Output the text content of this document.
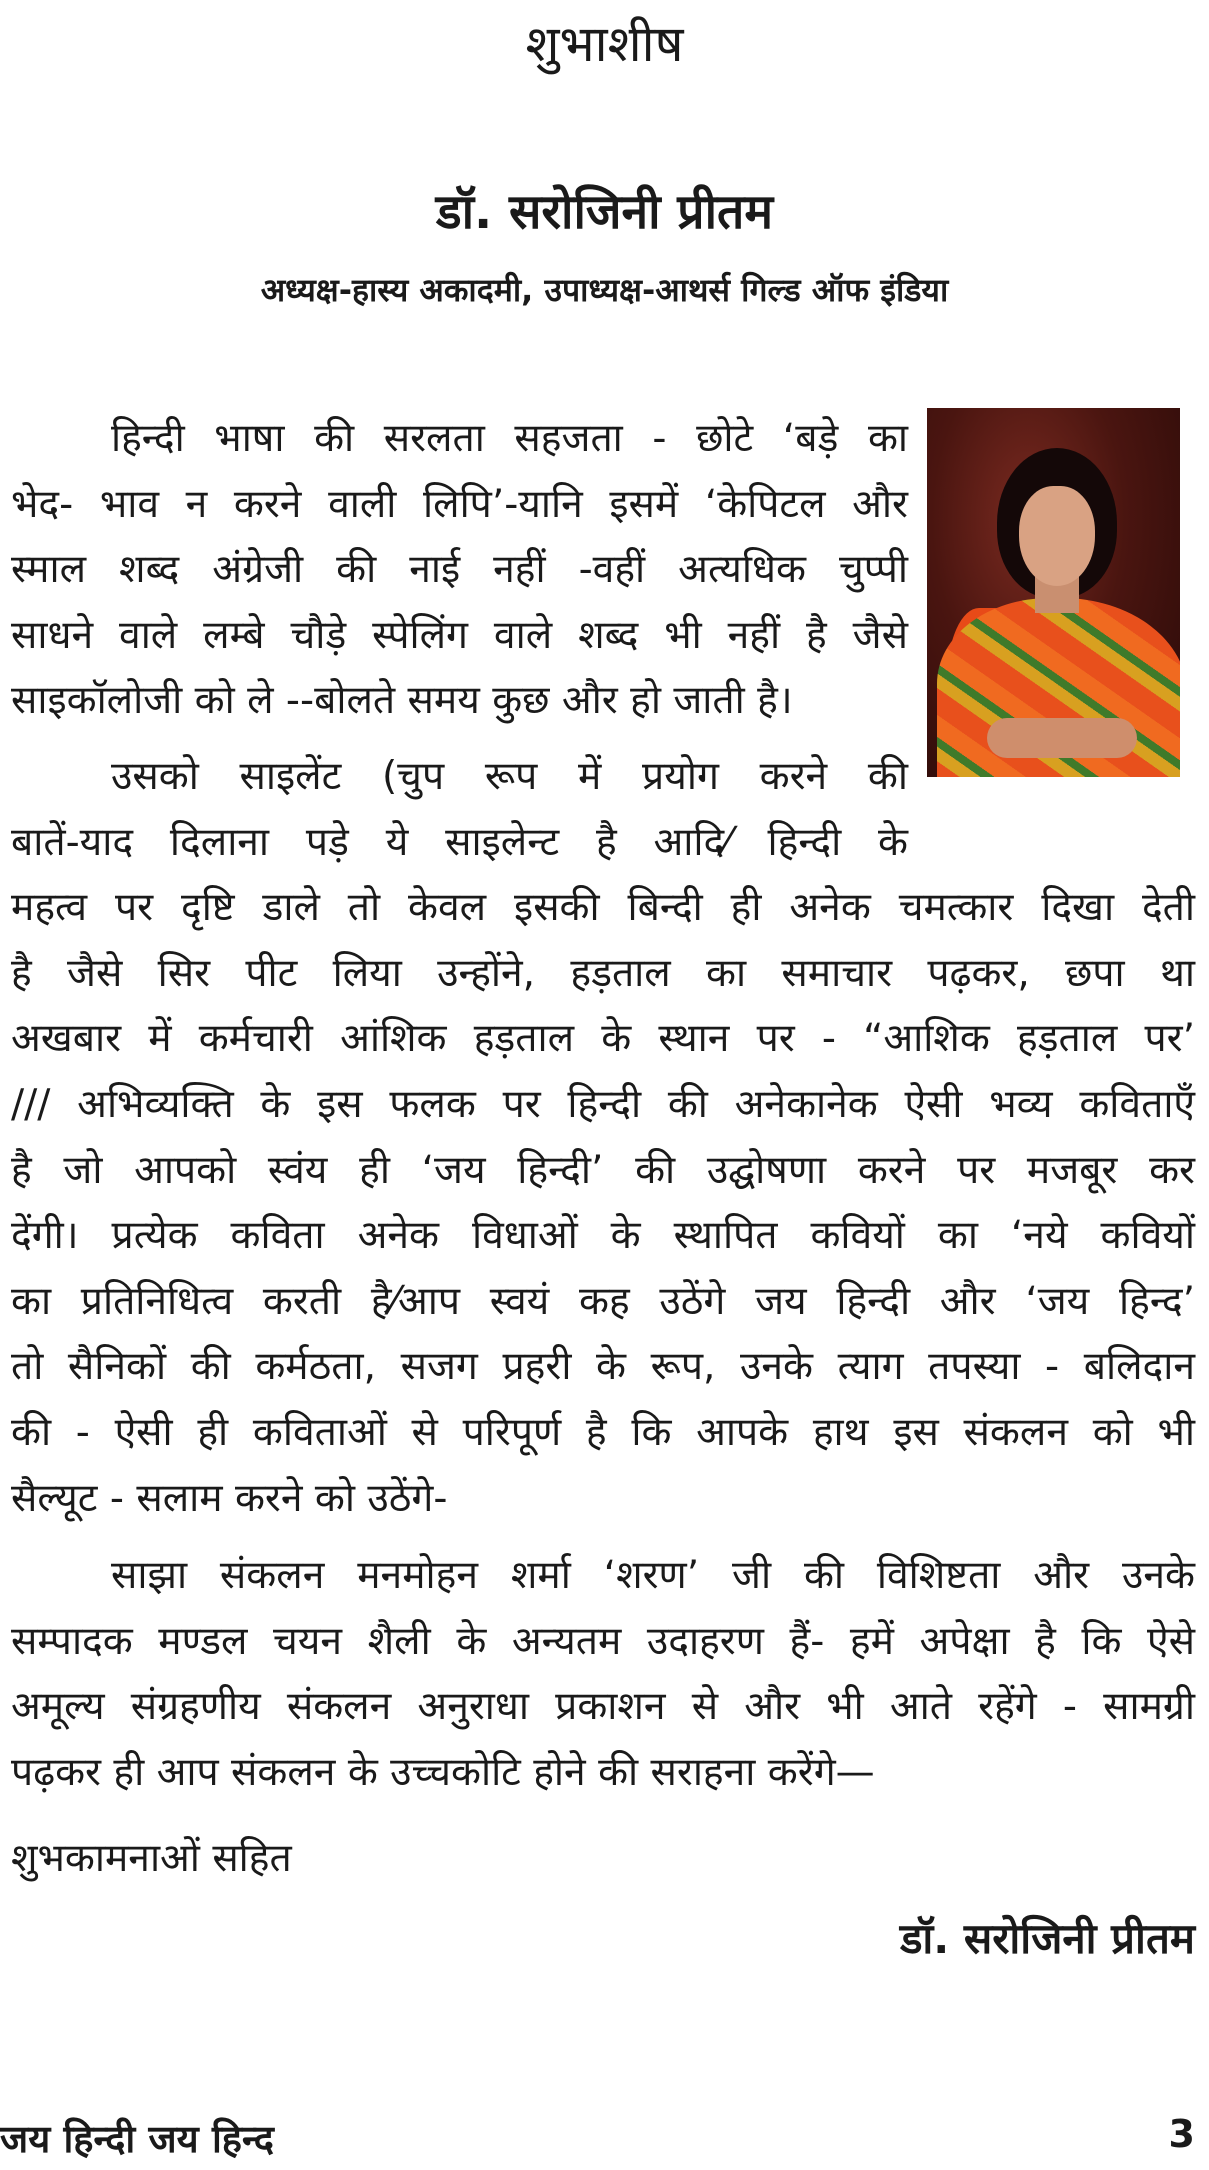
शुभाशीष
डॉ. सरोजिनी प्रीतम
अध्यक्ष-हास्य अकादमी, उपाध्यक्ष-आथर्स गिल्ड ऑफ इंडिया
हिन्दी भाषा की सरलता सहजता - छोटे ‘बड़े का
भेद- भाव न करने वाली लिपि’-यानि इसमें ‘केपिटल और
स्माल शब्द अंग्रेजी की नाई नहीं -वहीं अत्यधिक चुप्पी
साधने वाले लम्बे चौड़े स्पेलिंग वाले शब्द भी नहीं है जैसे
साइकॉलोजी को ले --बोलते समय कुछ और हो जाती है।
उसको साइलेंट (चुप रूप में प्रयोग करने की
बातें-याद दिलाना पड़े ये साइलेन्ट है आदि⁄ हिन्दी के
महत्व पर दृष्टि डाले तो केवल इसकी बिन्दी ही अनेक चमत्कार दिखा देती
है जैसे सिर पीट लिया उन्होंने, हड़ताल का समाचार पढ़कर, छपा था
अखबार में कर्मचारी आंशिक हड़ताल के स्थान पर - “आशिक हड़ताल पर’
/// अभिव्यक्ति के इस फलक पर हिन्दी की अनेकानेक ऐसी भव्य कविताएँ
है जो आपको स्वंय ही ‘जय हिन्दी’ की उद्घोषणा करने पर मजबूर कर
देंगी। प्रत्येक कविता अनेक विधाओं के स्थापित कवियों का ‘नये कवियों
का प्रतिनिधित्व करती है⁄आप स्वयं कह उठेंगे जय हिन्दी और ‘जय हिन्द’
तो सैनिकों की कर्मठता, सजग प्रहरी के रूप, उनके त्याग तपस्या - बलिदान
की - ऐसी ही कविताओं से परिपूर्ण है कि आपके हाथ इस संकलन को भी
सैल्यूट - सलाम करने को उठेंगे-
साझा संकलन मनमोहन शर्मा ‘शरण’ जी की विशिष्टता और उनके
सम्पादक मण्डल चयन शैली के अन्यतम उदाहरण हैं- हमें अपेक्षा है कि ऐसे
अमूल्य संग्रहणीय संकलन अनुराधा प्रकाशन से और भी आते रहेंगे - सामग्री
पढ़कर ही आप संकलन के उच्चकोटि होने की सराहना करेंगे—
शुभकामनाओं सहित
डॉ. सरोजिनी प्रीतम
जय हिन्दी जय हिन्द	3
